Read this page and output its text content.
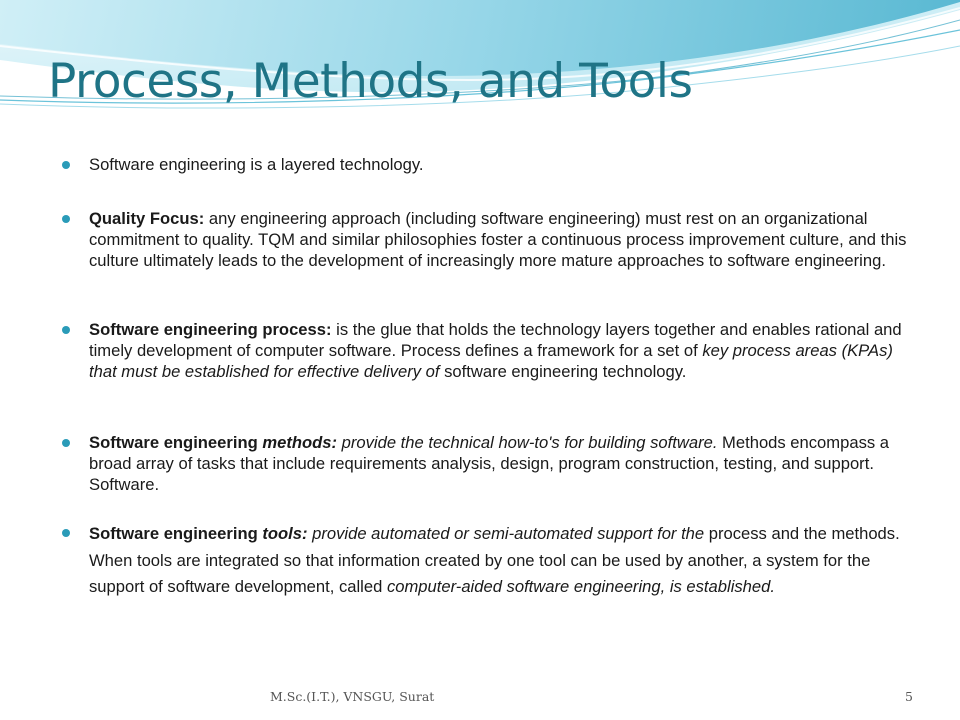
Process, Methods, and Tools
Software engineering is a layered technology.
Quality Focus: any engineering approach (including software engineering) must rest on an organizational commitment to quality. TQM and similar philosophies foster a continuous process improvement culture, and this culture ultimately leads to the development of increasingly more mature approaches to software engineering.
Software engineering process: is the glue that holds the technology layers together and enables rational and timely development of computer software. Process defines a framework for a set of key process areas (KPAs) that must be established for effective delivery of software engineering technology.
Software engineering methods: provide the technical how-to's for building software. Methods encompass a broad array of tasks that include requirements analysis, design, program construction, testing, and support. Software.
Software engineering tools: provide automated or semi-automated support for the process and the methods. When tools are integrated so that information created by one tool can be used by another, a system for the support of software development, called computer-aided software engineering, is established.
M.Sc.(I.T.), VNSGU, Surat	5
